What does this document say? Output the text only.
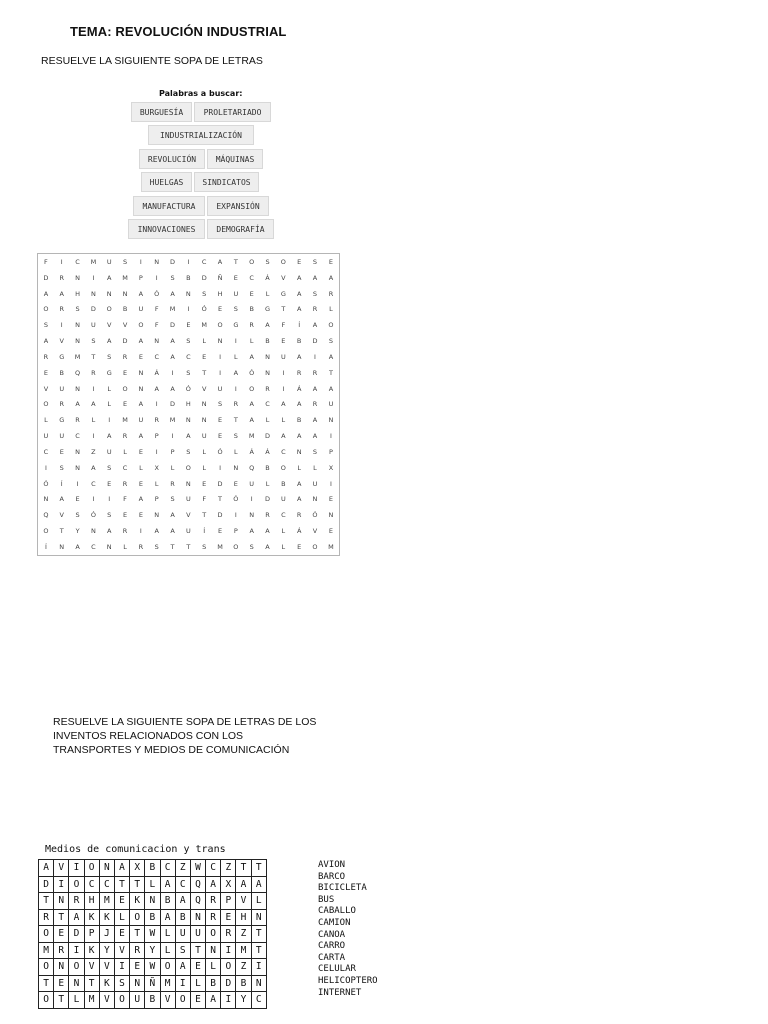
TEMA: REVOLUCIÓN INDUSTRIAL
RESUELVE LA SIGUIENTE SOPA DE LETRAS
Palabras a buscar:
BURGUESÍA	PROLETARIADO
INDUSTRIALIZACIÓN
REVOLUCIÓN	MÁQUINAS
HUELGAS	SINDICATOS
MANUFACTURA	EXPANSIÓN
INNOVACIONES	DEMOGRAFÍA
F	I	C	M	U	S	I	N	D	I	C	A	T	O	S	O	E	S	E
D	R	N	I	A	M	P	I	S	B	D	Ñ	E	C	Á	V	A	A	A
A	A	H	N	N	N	A	Ó	A	N	S	H	U	E	L	G	A	S	R
O	R	S	D	O	B	U	F	M	I	Ó	E	S	B	G	T	A	R	L
S	I	N	U	V	V	O	F	D	E	M	O	G	R	A	F	Í	A	O
A	V	N	S	A	D	A	N	A	S	L	N	I	L	B	E	B	D	S
R	G	M	T	S	R	E	C	A	C	E	I	L	A	N	U	A	I	A
E	B	Q	R	G	E	N	Á	I	S	T	I	A	Ó	N	I	R	R	T
V	U	N	I	L	O	N	A	A	Ó	V	U	I	O	R	I	Á	A	A
O	R	A	A	L	E	A	I	D	H	N	S	R	A	C	A	A	R	U
L	G	R	L	I	M	U	R	M	N	N	E	T	A	L	L	B	A	N
U	U	C	I	A	R	A	P	I	A	U	E	S	M	D	A	A	A	I
C	E	N	Z	U	L	E	I	P	S	L	Ó	L	Á	Á	C	N	S	P
I	S	N	A	S	C	L	X	L	O	L	I	N	Q	B	O	L	L	X
Ó	Í	I	C	E	R	E	L	R	N	E	D	E	U	L	B	A	U	I
N	A	E	I	I	F	A	P	S	U	F	T	Ó	I	D	U	A	N	E
Q	V	S	Ó	S	E	E	N	A	V	T	D	I	N	R	C	R	Ó	N
O	T	Y	N	A	R	I	A	A	U	Í	E	P	A	A	L	Á	V	E
Í	N	A	C	N	L	R	S	T	T	S	M	O	S	A	L	E	O	M
RESUELVE LA SIGUIENTE SOPA DE LETRAS DE LOS INVENTOS RELACIONADOS CON LOS TRANSPORTES Y MEDIOS DE COMUNICACIÓN
Medios de comunicacion y trans
A	V	I	O	N	A	X	B	C	Z	W	C	Z	T	T
D	I	O	C	C	T	T	L	A	C	Q	A	X	A	A
T	N	R	H	M	E	K	N	B	A	Q	R	P	V	L
R	T	A	K	K	L	O	B	A	B	N	R	E	H	N
O	E	D	P	J	E	T	W	L	U	U	O	R	Z	T
M	R	I	K	Y	V	R	Y	L	S	T	N	I	M	T
O	N	O	V	V	I	E	W	O	A	E	L	O	Z	I
T	E	N	T	K	S	N	Ñ	M	I	L	B	D	B	N
O	T	L	M	V	O	U	B	V	O	E	A	I	Y	C
AVION
BARCO
BICICLETA
BUS
CABALLO
CAMION
CANOA
CARRO
CARTA
CELULAR
HELICOPTERO
INTERNET
